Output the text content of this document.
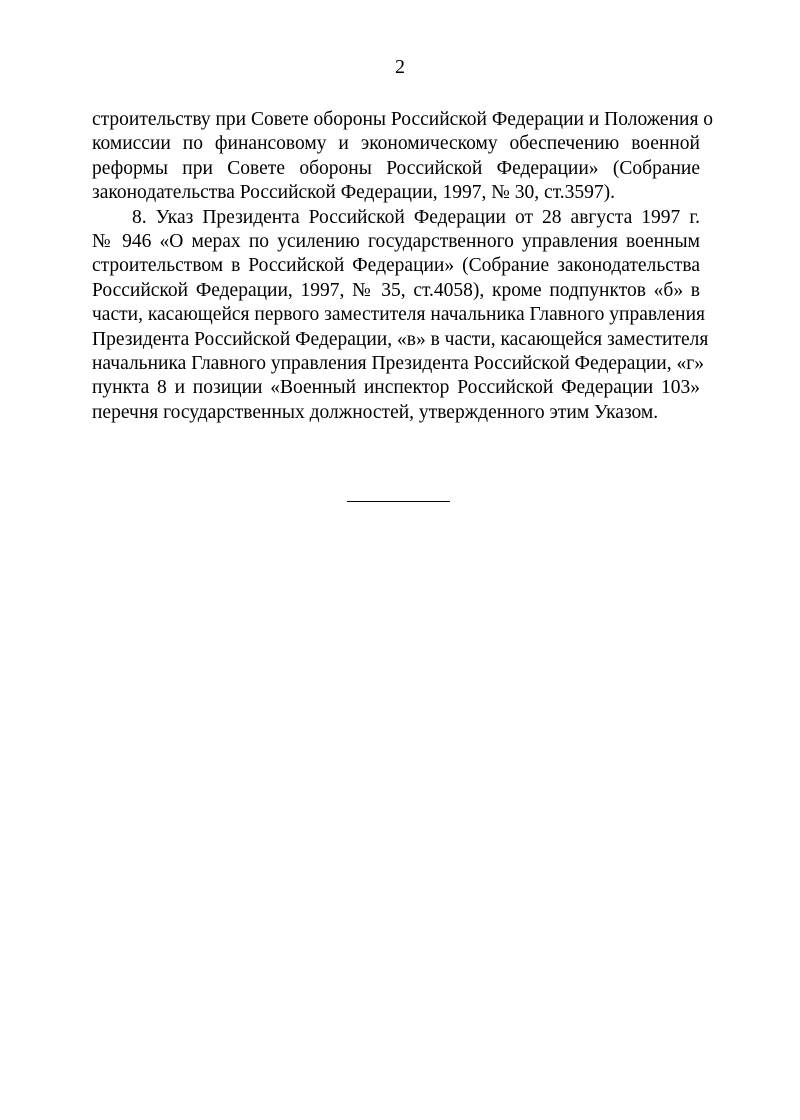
2
строительству при Совете обороны Российской Федерации и Положения о
комиссии по финансовому и экономическому обеспечению военной
реформы при Совете обороны Российской Федерации» (Собрание
законодательства Российской Федерации, 1997, № 30, ст.3597).
8. Указ Президента Российской Федерации от 28 августа 1997 г.
№ 946 «О мерах по усилению государственного управления военным
строительством в Российской Федерации» (Собрание законодательства
Российской Федерации, 1997, № 35, ст.4058), кроме подпунктов «б» в
части, касающейся первого заместителя начальника Главного управления
Президента Российской Федерации, «в» в части, касающейся заместителя
начальника Главного управления Президента Российской Федерации, «г»
пункта 8 и позиции «Военный инспектор Российской Федерации 103»
перечня государственных должностей, утвержденного этим Указом.
